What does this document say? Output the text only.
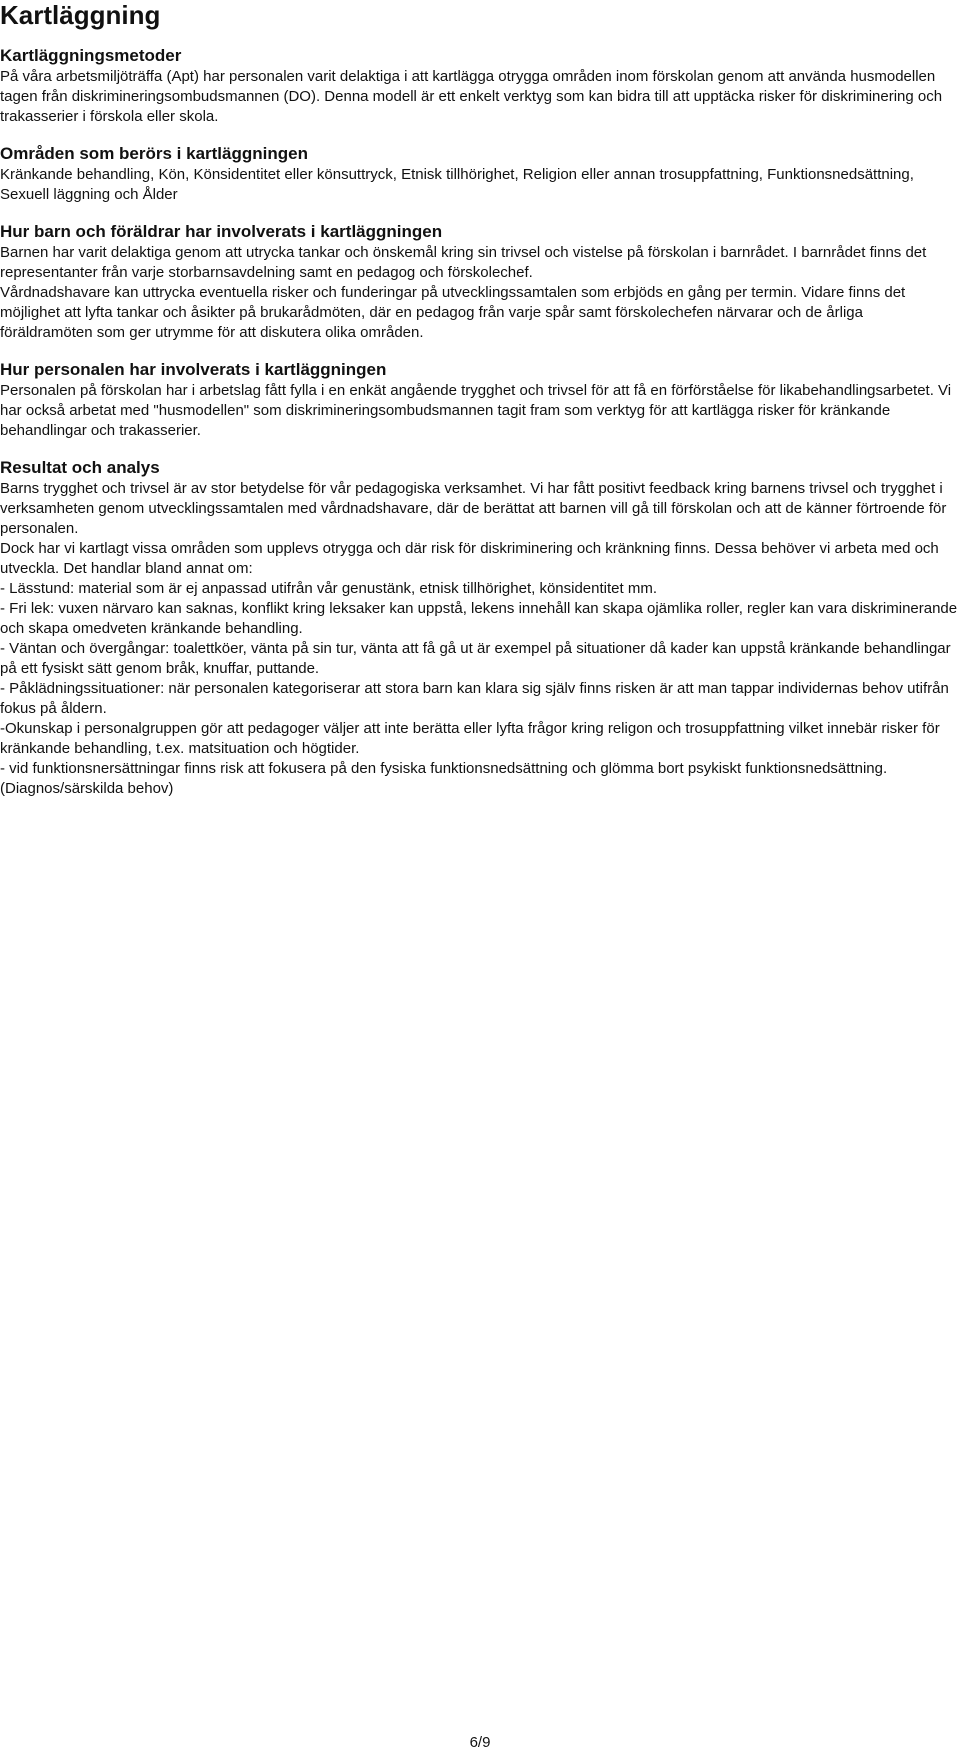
Kartläggning
Kartläggningsmetoder

På våra arbetsmiljöträffa (Apt) har personalen varit delaktiga i att kartlägga otrygga områden inom förskolan genom att använda husmodellen tagen från diskrimineringsombudsmannen (DO). Denna modell är ett enkelt verktyg som kan bidra till att upptäcka risker för diskriminering och trakasserier i förskola eller skola.

Områden som berörs i kartläggningen

Kränkande behandling, Kön, Könsidentitet eller könsuttryck, Etnisk tillhörighet, Religion eller annan trosuppfattning, Funktionsnedsättning, Sexuell läggning och Ålder

Hur barn och föräldrar har involverats i kartläggningen

Barnen har varit delaktiga genom att utrycka tankar och önskemål kring sin trivsel och vistelse på förskolan i barnrådet. I barnrådet finns det representanter från varje storbarnsavdelning samt en pedagog och förskolechef.

Vårdnadshavare kan uttrycka eventuella risker och funderingar på utvecklingssamtalen som erbjöds en gång per termin. Vidare finns det möjlighet att lyfta tankar och åsikter på brukarådmöten, där en pedagog från varje spår samt förskolechefen närvarar och de årliga föräldramöten som ger utrymme för att diskutera olika områden.

Hur personalen har involverats i kartläggningen

Personalen på förskolan har i arbetslag fått fylla i en enkät angående trygghet och trivsel för att få en förförståelse för likabehandlingsarbetet. Vi har också arbetat med "husmodellen" som diskrimineringsombudsmannen tagit fram som verktyg för att kartlägga risker för kränkande behandlingar och trakasserier.

Resultat och analys

Barns trygghet och trivsel är av stor betydelse för vår pedagogiska verksamhet. Vi har fått positivt feedback kring barnens trivsel och trygghet i verksamheten genom utvecklingssamtalen med vårdnadshavare, där de berättat att barnen vill gå till förskolan och att de känner förtroende för personalen.

Dock har vi kartlagt vissa områden som upplevs otrygga och där risk för diskriminering och kränkning finns. Dessa behöver vi arbeta med och utveckla. Det handlar bland annat om:

- Lässtund: material som är ej anpassad utifrån vår genustänk, etnisk tillhörighet, könsidentitet mm.

- Fri lek: vuxen närvaro kan saknas, konflikt kring leksaker kan uppstå, lekens innehåll kan skapa ojämlika roller, regler kan vara diskriminerande och skapa omedveten kränkande behandling.

- Väntan och övergångar: toalettköer, vänta på sin tur, vänta att få gå ut är exempel på situationer då kader kan uppstå kränkande behandlingar på ett fysiskt sätt genom bråk, knuffar, puttande.

- Påklädningssituationer: när personalen kategoriserar att stora barn kan klara sig själv finns risken är att man tappar individernas behov utifrån fokus på åldern.

-Okunskap i personalgruppen gör att pedagoger väljer att inte berätta eller lyfta frågor kring religon och trosuppfattning vilket innebär risker för kränkande behandling, t.ex. matsituation och högtider.

- vid funktionsnersättningar finns risk att fokusera på den fysiska funktionsnedsättning och glömma bort psykiskt funktionsnedsättning. (Diagnos/särskilda behov)

6/9
